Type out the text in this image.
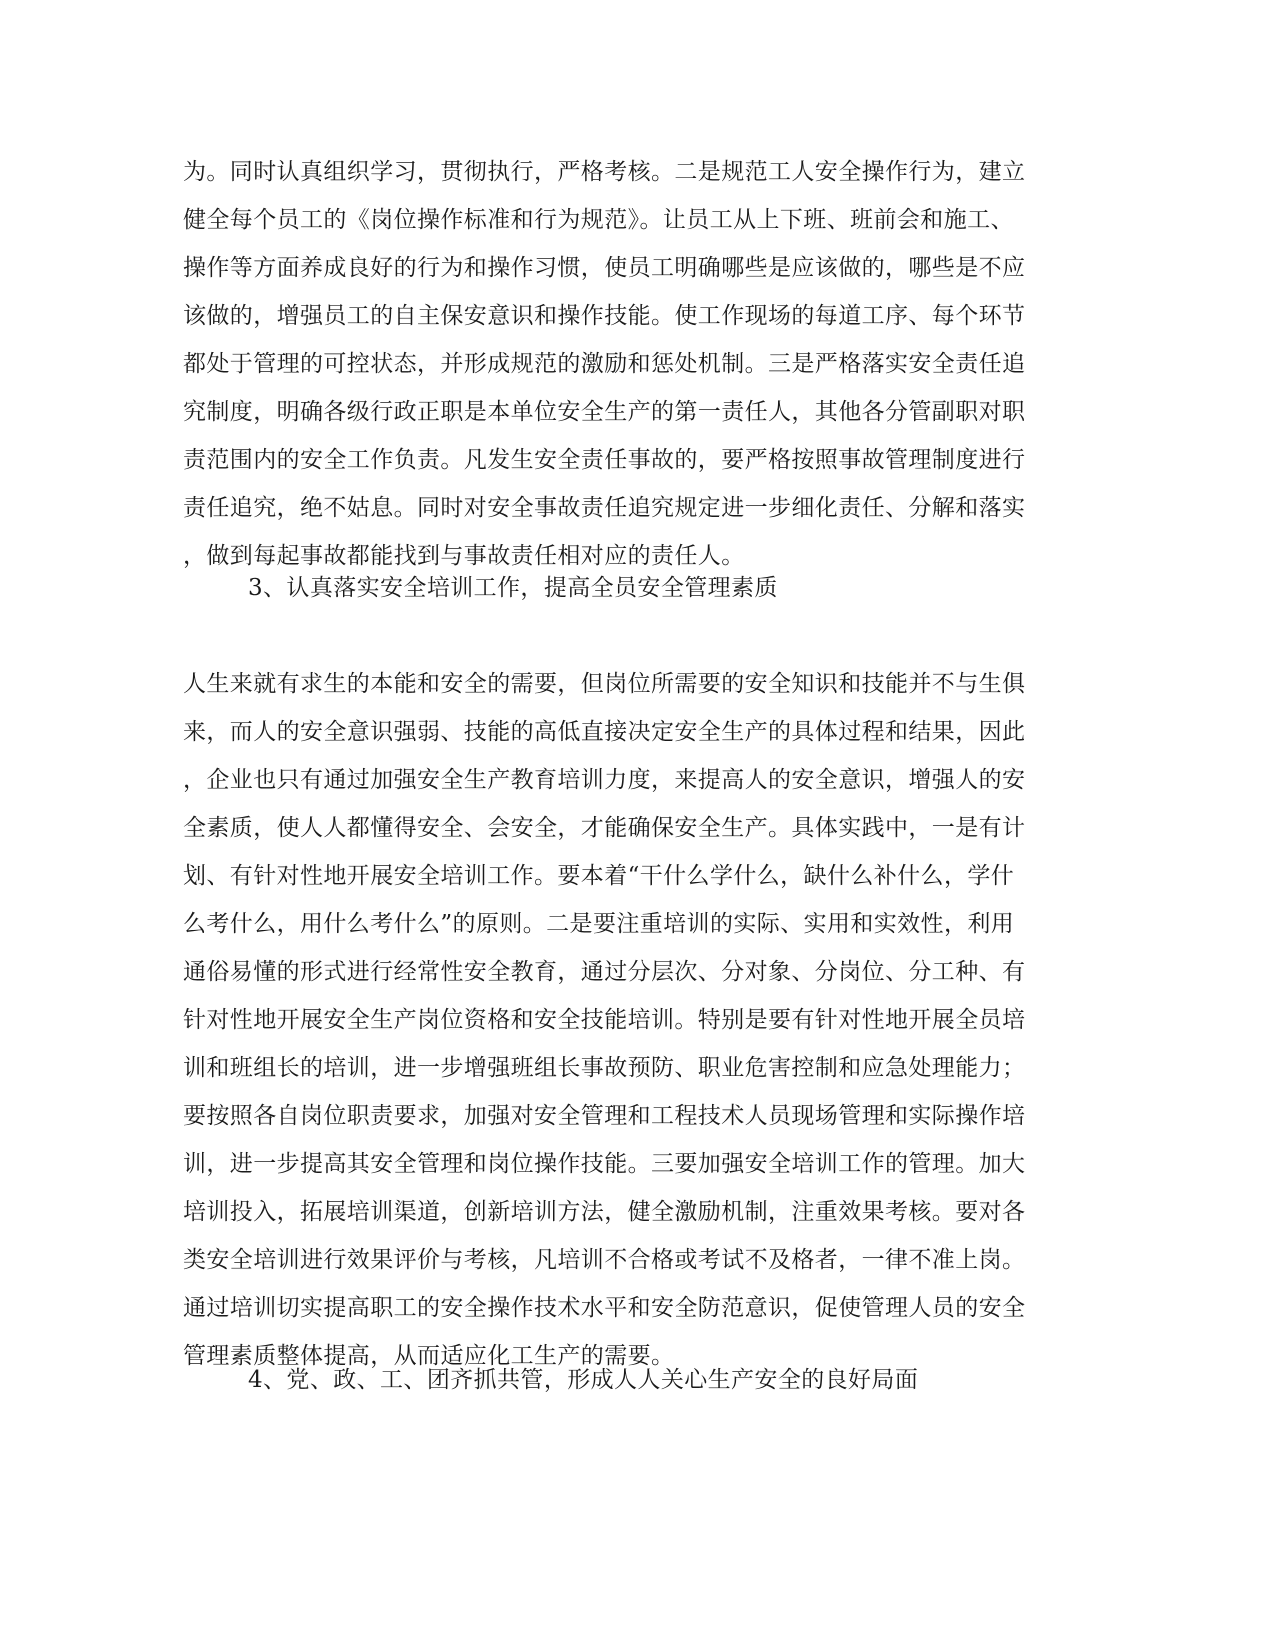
为。同时认真组织学习，贯彻执行，严格考核。二是规范工人安全操作行为，建立
健全每个员工的《岗位操作标准和行为规范》。让员工从上下班、班前会和施工、
操作等方面养成良好的行为和操作习惯，使员工明确哪些是应该做的，哪些是不应
该做的，增强员工的自主保安意识和操作技能。使工作现场的每道工序、每个环节
都处于管理的可控状态，并形成规范的激励和惩处机制。三是严格落实安全责任追
究制度，明确各级行政正职是本单位安全生产的第一责任人，其他各分管副职对职
责范围内的安全工作负责。凡发生安全责任事故的，要严格按照事故管理制度进行
责任追究，绝不姑息。同时对安全事故责任追究规定进一步细化责任、分解和落实
，做到每起事故都能找到与事故责任相对应的责任人。
3、认真落实安全培训工作，提高全员安全管理素质
人生来就有求生的本能和安全的需要，但岗位所需要的安全知识和技能并不与生俱
来，而人的安全意识强弱、技能的高低直接决定安全生产的具体过程和结果，因此
，企业也只有通过加强安全生产教育培训力度，来提高人的安全意识，增强人的安
全素质，使人人都懂得安全、会安全，才能确保安全生产。具体实践中，一是有计
划、有针对性地开展安全培训工作。要本着“干什么学什么，缺什么补什么，学什
么考什么，用什么考什么”的原则。二是要注重培训的实际、实用和实效性，利用
通俗易懂的形式进行经常性安全教育，通过分层次、分对象、分岗位、分工种、有
针对性地开展安全生产岗位资格和安全技能培训。特别是要有针对性地开展全员培
训和班组长的培训，进一步增强班组长事故预防、职业危害控制和应急处理能力；
要按照各自岗位职责要求，加强对安全管理和工程技术人员现场管理和实际操作培
训，进一步提高其安全管理和岗位操作技能。三要加强安全培训工作的管理。加大
培训投入，拓展培训渠道，创新培训方法，健全激励机制，注重效果考核。要对各
类安全培训进行效果评价与考核，凡培训不合格或考试不及格者，一律不准上岗。
通过培训切实提高职工的安全操作技术水平和安全防范意识，促使管理人员的安全
管理素质整体提高，从而适应化工生产的需要。
4、党、政、工、团齐抓共管，形成人人关心生产安全的良好局面
